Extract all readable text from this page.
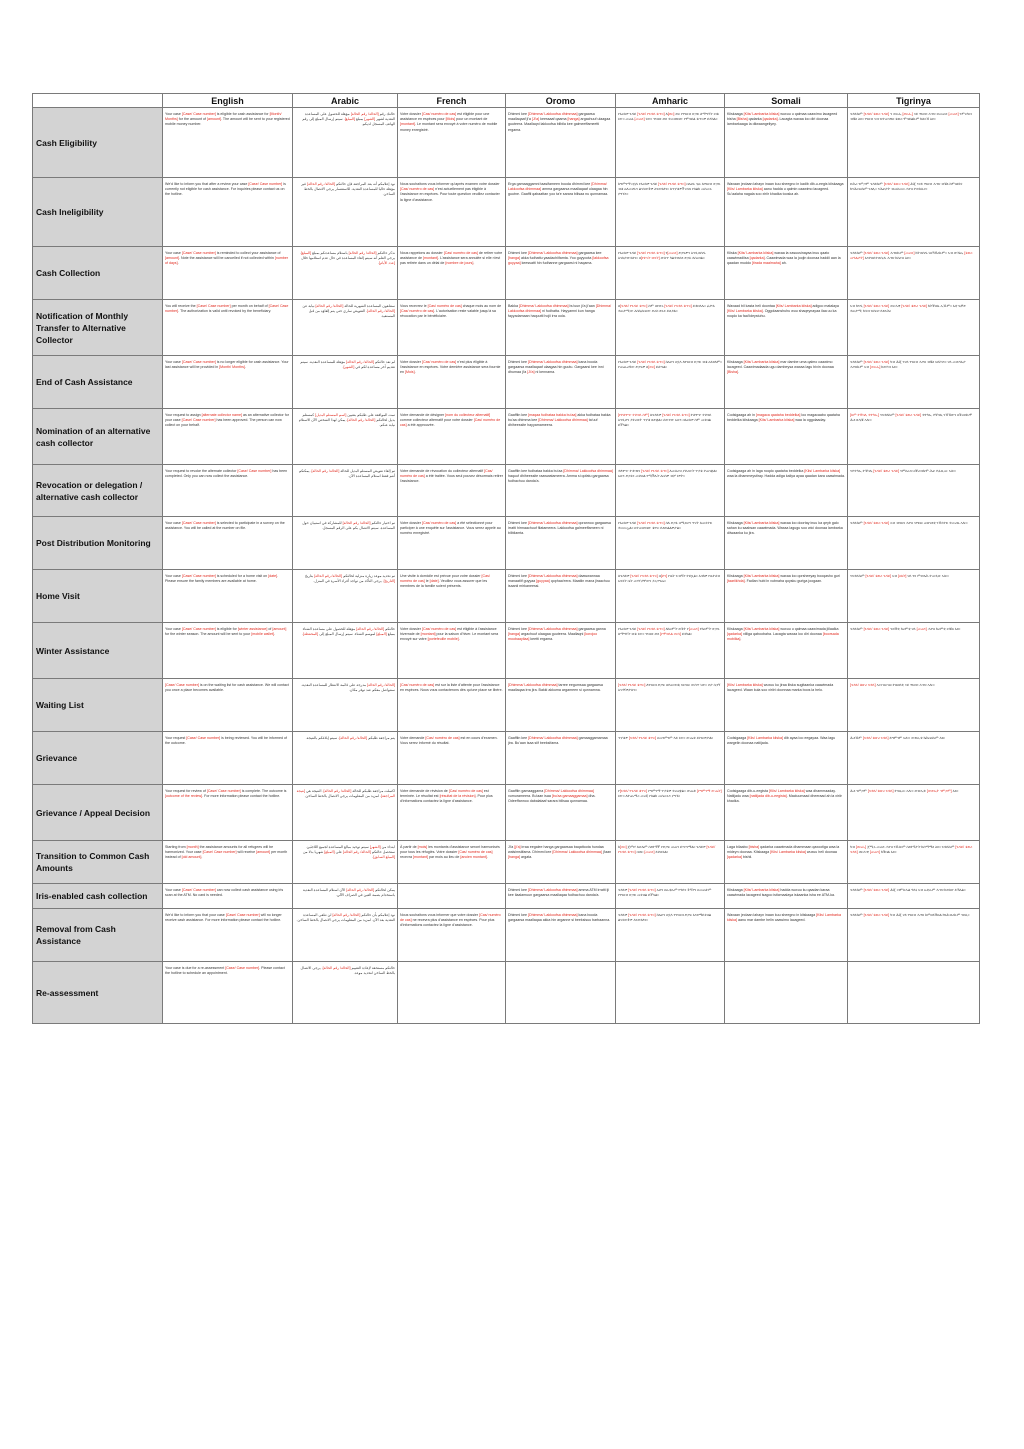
	English	Arabic	French	Oromo	Amharic	Somali	Tigrinya
Cash Eligibility	Your case [Case/ Case number] is eligible for cash assistance for [Month/ Months] for the amount of [amount]. The amount will be sent to your registered mobile money number.	حالتك رقم [الحالة/ رقم الحالة] مؤهلة للحصول على المساعدة النقدية لشهر [الشهر] بمبلغ [المبلغ]. سيتم إرسال المبلغ إلى رقم الهاتف المسجل لديكم.	Votre dossier [Cas/ numéro de cas] est éligible pour une assistance en espèces pour [Mois] pour un montant de [montant]. Le montant sera envoyé à votre numéro de mobile money enregistré.	Dhimmi kee [Dhimma/ Lakkoofsa dhimmaa] gargaarsa maallaqaaf ji'a [Ji'a] keessaaf qaama [hanga] argachuuf ulaagaa guuteera. Maallaqni lakkoofsa bilbila kee galmeeffameetti ergama.	የእርስዎ ጉዳይ [ጉዳይ/ የጉዳይ ቁጥር] ለ[ወር] ወር የገንዘብ ድጋፍ ለማግኘት ብቁ ነው። መጠኑ [መጠን] ነው። ገንዘቡ ወደ ተመዘገበው የሞባይል ቁጥርዎ ይላካል።	Kiiskaaga [Kiis/ Lambarka kiiska] wuxuu u qalmaa caawimo lacageed bisha [Bisha] qadarka [qadarka]. Lacagta waxaa loo diri doonaa lambarkaaga la diiwaangeliyey.	ጉዳይኩም [ጉዳይ/ ቁጽሪ ጉዳይ] ን ወርሒ [ወርሒ] ናይ ገንዘብ ሓገዝ ብመጠን [መጠን] ንምርካብ ብቑዕ እዩ። ገንዘብ ናብ ዝተመዝገበ ቁጽሪ ሞባይልኩም ክለኣኽ እዩ።
Cash Ineligibility	We'd like to inform you that after a review your case [Case/ Case number] is currently not eligible for cash assistance. For inquiries please contact us on the hotline.	نود إعلامكم أنه بعد المراجعة فإن حالتكم [الحالة/ رقم الحالة] غير مؤهلة حاليا للمساعدة النقدية. للاستفسار يرجى الاتصال بالخط الساخن.	Nous souhaitons vous informer qu'après examen votre dossier [Cas/ numéro de cas] n'est actuellement pas éligible à l'assistance en espèces. Pour toute question veuillez contacter la ligne d'assistance.	Erga gamaaggamni taasifameen booda dhimmi kee [Dhimma/ Lakkoofsa dhimmaa] amma gargaarsa maallaqaaf ulaagaa hin guutne. Gaaffii qabaattan yoo ta'e sarara bilisaa nu qunnamaa.	ከግምገማ በኋላ የእርስዎ ጉዳይ [ጉዳይ/ የጉዳይ ቁጥር] በአሁኑ ጊዜ ለገንዘብ ድጋፍ ብቁ አለመሆኑን ልናሳውቅዎ እንወዳለን። ለጥያቄዎች በነጻ የስልክ መስመሩ ያግኙን።	Waxaan jeclaan lahayn inaan kuu sheegno in kadib dib-u-eegis kiiskaaga [Kiis/ Lambarka kiiska] aanu hadda u qalmin caawimo lacageed. Su'aalaha nagala soo xiriir khadka tooska ah.	ድሕሪ ገምጋም ጉዳይኩም [ጉዳይ/ ቁጽሪ ጉዳይ] ሕጂ ንናይ ገንዘብ ሓገዝ ብቑዕ ከምዘይኮነ ክንሕብረኩም ንደሊ። ንሕቶታት ብመስመር ሓገዝ ተወከሱና።
Cash Collection	Your case [Case/ Case number] is reminded to collect your assistance of [amount]. Note the assistance will be cancelled if not collected within [number of days].	نذكر حالتكم [الحالة/ رقم الحالة] باستلام مساعدتكم بمبلغ [المبلغ]. يرجى العلم أنه سيتم إلغاء المساعدة في حال عدم استلامها خلال [عدد الأيام].	Nous rappelons au dossier [Cas/ numéro de cas] de retirer votre assistance de [montant]. L'assistance sera annulée si elle n'est pas retirée dans un délai de [nombre de jours].	Dhimmi kee [Dhimma/ Lakkoofsa dhimmaa] gargaarsa kee [hanga] akka fudhattu yaadachiifamta. Yoo guyyoota [lakkoofsa guyyaa] keessatti hin fudhanne gargaarsi ni haqama.	የእርስዎ ጉዳይ [ጉዳይ/ የጉዳይ ቁጥር] የ[መጠን] ድጋፍዎን እንዲወስዱ እናስታውሳለን። በ[የቀናት ብዛት] ውስጥ ካልተወሰደ ድጋፉ ይሰረዛል።	Kiiska [Kiis/ Lambarka kiiska] waxaa la xasuusinayaa inuu qaato caawimadiisa [qadarka]. Caawimada waa la joojin doonaa haddii aan la qaadan muddo [tirada maalmaha] ah.	ጉዳይኩም [ጉዳይ/ ቁጽሪ ጉዳይ] ሓገዝኩም [መጠን] ክትወስዱ ነዘኻኽረኩም። ኣብ ውሽጢ [ቁጽሪ መዓልታት] እንተዘይተወሲዱ ሓገዝ ክስረዝ እዩ።
Notification of Monthly Transfer to Alternative Collector	You will receive the [Case/ Case number] per month on behalf of [Case/ Case number]. The authorization is valid until revoked by the beneficiary.	ستتلقون المساعدة الشهرية للحالة [الحالة/ رقم الحالة] نيابة عن [الحالة/ رقم الحالة]. التفويض ساري حتى يتم إلغاؤه من قبل المستفيد.	Vous recevrez le [Cas/ numéro de cas] chaque mois au nom de [Cas/ numéro de cas]. L'autorisation reste valable jusqu'à sa révocation par le bénéficiaire.	Bakka [Dhimma/ Lakkoofsa dhimmaa] bu'uun ji'a ji'aan [Dhimma/ Lakkoofsa dhimmaa] ni fudhatta. Hayyamni kun hanga fayyadamaan haquutti hojii irra oola.	በ[ጉዳይ/ የጉዳይ ቁጥር] ስም በየወሩ [ጉዳይ/ የጉዳይ ቁጥር] ይቀበላሉ። ፈቃዱ ተጠቃሚው እስኪሰርዘው ድረስ ጸንቶ ይቆያል።	Waxaad bil kasta heli doontaa [Kiis/ Lambarka kiiska] adigoo matalaya [Kiis/ Lambarka kiiska]. Oggolaanshuhu wuu shaqeynayaa ilaa uu ka noqdo ka faa'iideystuhu.	ኣብ ክንዲ [ጉዳይ/ ቁጽሪ ጉዳይ] ወርሓዊ [ጉዳይ/ ቁጽሪ ጉዳይ] ክትቕበሉ ኢኹም። እቲ ፍቓድ ተጠቃሚ ክሳብ ዝስርዞ ይጸንሕ።
End of Cash Assistance	Your case [Case/ Case number] is no longer eligible for cash assistance. Your last assistance will be provided in [Month/ Months].	لم تعد حالتكم [الحالة/ رقم الحالة] مؤهلة للمساعدة النقدية. سيتم تقديم آخر مساعدة لكم في [الشهر].	Votre dossier [Cas/ numéro de cas] n'est plus éligible à l'assistance en espèces. Votre dernière assistance sera fournie en [Mois].	Dhimmi kee [Dhimma/ Lakkoofsa dhimmaa] kana booda gargaarsa maallaqaaf ulaagaa hin guutu. Gargaarsi kee inni dhumaa ji'a [Ji'a] ni kennama.	የእርስዎ ጉዳይ [ጉዳይ/ የጉዳይ ቁጥር] ከአሁን በኋላ ለገንዘብ ድጋፍ ብቁ አይደለም። የመጨረሻው ድጋፍዎ በ[ወር] ይሰጣል።	Kiiskaaga [Kiis/ Lambarka kiiska] mar dambe uma qalmo caawimo lacageed. Caawimadaada ugu dambeysa waxaa lagu bixin doonaa [Bisha].	ጉዳይኩም [ጉዳይ/ ቁጽሪ ጉዳይ] ካብ ሕጂ ንናይ ገንዘብ ሓገዝ ብቑዕ ኣይኮነን። ናይ መወዳእታ ሓገዝኩም ኣብ [ወርሒ] ክወሃብ እዩ።
Nomination of an alternative cash collector	Your request to assign [alternate collector name] as an alternative collector for your case [Case/ Case number] has been approved. The person can now collect on your behalf.	تمت الموافقة على طلبكم بتعيين [اسم المستلم البديل] كمستلم بديل لحالتكم [الحالة/ رقم الحالة]. يمكن لهذا الشخص الآن الاستلام نيابة عنكم.	Votre demande de désigner [nom du collecteur alternatif] comme collecteur alternatif pour votre dossier [Cas/ numéro de cas] a été approuvée.	Gaaffiin kee [maqaa fudhataa bakka bu'aa] akka fudhataa bakka bu'aa dhimma kee [Dhimma/ Lakkoofsa dhimmaa] ta'uuf dhiheessite hayyamameera.	[የተለዋጭ ተቀባይ ስም] ለጉዳይዎ [ጉዳይ/ የጉዳይ ቁጥር] ተለዋጭ ተቀባይ እንዲሆን ያቀረቡት ጥያቄ ጸድቋል። ሰውየው አሁን በእርስዎ ስም መቀበል ይችላል።	Codsigaaga ah in [magaca qaataha beddelka] loo magacaabo qaataha beddelka kiiskaaga [Kiis/ Lambarka kiiska] waa la oggolaaday.	[ስም ተቐባሊ ተተካኢ] ንጉዳይኩም [ጉዳይ/ ቁጽሪ ጉዳይ] ተተካኢ ተቐባሊ ንኽኸውን ዘቕረብኩሞ ሕቶ ጸዲቑ ኣሎ።
Revocation or delegation / alternative cash collector	Your request to revoke the alternate collector [Case/ Case number] has been completed. Only you can now collect the assistance.	تم إلغاء تفويض المستلم البديل للحالة [الحالة/ رقم الحالة]. يمكنكم أنتم فقط استلام المساعدة الآن.	Votre demande de révocation du collecteur alternatif [Cas/ numéro de cas] a été traitée. Vous seul pouvez désormais retirer l'assistance.	Gaaffiin kee fudhataa bakka bu'aa [Dhimma/ Lakkoofsa dhimmaa] haquuf dhiheessite raawwatameera. Amma si qofatu gargaarsa fudhachuu danda'a.	ተለዋጭ ተቀባዩን [ጉዳይ/ የጉዳይ ቁጥር] ለመሰረዝ ያቀረቡት ጥያቄ ተጠናቋል። አሁን ድጋፉን መቀበል የሚችሉት እርስዎ ብቻ ነዎት።	Codsigaaga ah in laga noqdo qaataha beddelka [Kiis/ Lambarka kiiska] waa la dhammeystiray. Hadda adiga kaliya ayaa qaadan kara caawimada.	ንተተካኢ ተቐባሊ [ጉዳይ/ ቁጽሪ ጉዳይ] ንምስራዝ ዘቕረብኩሞ ሕቶ ተፈጺሙ ኣሎ።
Post Distribution Monitoring	Your case [Case/ Case number] is selected to participate in a survey on the assistance. You will be called at the number on file.	تم اختيار حالتكم [الحالة/ رقم الحالة] للمشاركة في استبيان حول المساعدة. سيتم الاتصال بكم على الرقم المسجل.	Votre dossier [Cas/ numéro de cas] a été sélectionné pour participer à une enquête sur l'assistance. Vous serez appelé au numéro enregistré.	Dhimmi kee [Dhimma/ Lakkoofsa dhimmaa] qorannoo gargaarsa irratti hirmaachuuf filatameera. Lakkoofsa galmeeffameen ni bilbilamta.	የእርስዎ ጉዳይ [ጉዳይ/ የጉዳይ ቁጥር] ስለ ድጋፉ በሚደረግ ጥናት ለመሳተፍ ተመርጧል። በተመዘገበው ቁጥር ይደወልልዎታል።	Kiiskaaga [Kiis/ Lambarka kiiska] waxaa loo doortay inuu ka qeyb galo sahan ku saabsan caawimada. Waxaa lagugu soo wici doonaa lambarka diiwaanka ku jira.	ጉዳይኩም [ጉዳይ/ ቁጽሪ ጉዳይ] ኣብ ብዛዕባ ሓገዝ ዝግበር መጽናዕቲ ንኽሳተፍ ተመሪጹ ኣሎ።
Home Visit	Your case [Case/ Case number] is scheduled for a home visit on [date]. Please ensure the family members are available at home.	تم تحديد موعد زيارة منزلية لحالتكم [الحالة/ رقم الحالة] بتاريخ [التاريخ]. يرجى التأكد من تواجد أفراد الأسرة في المنزل.	Une visite à domicile est prévue pour votre dossier [Cas/ numéro de cas] le [date]. Veuillez vous assurer que les membres de la famille soient présents.	Dhimmi kee [Dhimma/ Lakkoofsa dhimmaa] daawwannaa manaatiif guyyaa [guyyaa] qophaa'eera. Maatiin mana jiraachuu isaanii mirkaneessi.	ለጉዳይዎ [ጉዳይ/ የጉዳይ ቁጥር] በ[ቀን] የቤት ጉብኝት ተይዟል። እባክዎ የቤተሰብ አባላት ቤት መገኘታቸውን ያረጋግጡ።	Kiiskaaga [Kiis/ Lambarka kiiska] waxaa loo qorsheeyay booqasho guri [taariikhda]. Fadlan hubi in xubnaha qoysku guriga joogaan.	ንጉዳይኩም [ጉዳይ/ ቁጽሪ ጉዳይ] ኣብ [ዕለት] ናይ ገዛ ምብጻሕ ተመዲቡ ኣሎ።
Winter Assistance	Your case [Case/ Case number] is eligible for [winter assistance] of [amount] for the winter season. The amount will be sent to your [mobile wallet].	حالتكم [الحالة/ رقم الحالة] مؤهلة للحصول على مساعدة الشتاء بمبلغ [المبلغ] لموسم الشتاء. سيتم إرسال المبلغ إلى [المحفظة].	Votre dossier [Cas/ numéro de cas] est éligible à l'assistance hivernale de [montant] pour la saison d'hiver. Le montant sera envoyé sur votre [portefeuille mobile].	Dhimmi kee [Dhimma/ Lakkoofsa dhimmaa] gargaarsa ganna [hanga] argachuuf ulaagaa guuteera. Maallaqni [korojoo moobaayilaa] keetti ergama.	የእርስዎ ጉዳይ [ጉዳይ/ የጉዳይ ቁጥር] ለክረምት ወቅት የ[መጠን] የክረምት ድጋፍ ለማግኘት ብቁ ነው። ገንዘቡ ወደ [የሞባይል ቦርሳ] ይላካል።	Kiiskaaga [Kiis/ Lambarka kiiska] wuxuu u qalmaa caawimada jiilaalka [qadarka] xilliga qaboobaha. Lacagta waxaa loo diri doonaa [boorsada mobilka].	ጉዳይኩም [ጉዳይ/ ቁጽሪ ጉዳይ] ንወቕቲ ክረምቲ ናይ [መጠን] ሓገዝ ክረምቲ ብቑዕ እዩ።
Waiting List	[Case/ Case number] is on the waiting list for cash assistance. We will contact you once a place becomes available.	[الحالة/ رقم الحالة] مدرجة على قائمة الانتظار للمساعدة النقدية. سنتواصل معكم عند توفر مكان.	[Cas/ numéro de cas] est sur la liste d'attente pour l'assistance en espèces. Nous vous contacterons dès qu'une place se libère.	[Dhimma/ Lakkoofsa dhimmaa] tarree eegumsaa gargaarsa maallaqaa irra jira. Bakki akkuma argameen si qunnamna.	[ጉዳይ/ የጉዳይ ቁጥር] ለገንዘብ ድጋፍ በተጠባባቂ ዝርዝር ውስጥ ነው። ቦታ ሲገኝ እናገኝዎታለን።	[Kiis/ Lambarka kiiska] wuxuu ku jiraa liiska sugitaanka caawimada lacageed. Waan kula soo xiriiri doonnaa marka boos la helo.	[ጉዳይ/ ቁጽሪ ጉዳይ] ኣብ ዝርዝር ተጸበይቲ ናይ ገንዘብ ሓገዝ ኣሎ።
Grievance	Your request [Case/ Case number] is being reviewed. You will be informed of the outcome.	يتم مراجعة طلبكم [الحالة/ رقم الحالة]. سيتم إبلاغكم بالنتيجة.	Votre demande [Cas/ numéro de cas] est en cours d'examen. Vous serez informé du résultat.	Gaaffiin kee [Dhimma/ Lakkoofsa dhimmaa] gamaaggamamaa jira. Bu'aan isaa siif beeksifama.	ጥያቄዎ [ጉዳይ/ የጉዳይ ቁጥር] በመገምገም ላይ ነው። ውጤቱ ይነገርዎታል።	Codsigaaga [Kiis/ Lambarka kiiska] dib ayaa loo eegayaa. Waa lagu wargelin doonaa natiijada.	ሕቶኹም [ጉዳይ/ ቁጽሪ ጉዳይ] ይግምገም ኣሎ። ውጽኢቱ ክሕበረኩም እዩ።
Grievance / Appeal Decision	Your request for review of [Case/ Case number] is complete. The outcome is [outcome of the review]. For more information please contact the hotline.	اكتملت مراجعة طلبكم للحالة [الحالة/ رقم الحالة]. النتيجة هي [نتيجة المراجعة]. لمزيد من المعلومات يرجى الاتصال بالخط الساخن.	Votre demande de révision de [Cas/ numéro de cas] est terminée. Le résultat est [résultat de la révision]. Pour plus d'informations contactez la ligne d'assistance.	Gaaffiin gamaaggama [Dhimma/ Lakkoofsa dhimmaa] xumurameera. Bu'aan isaa [bu'aa gamaaggamaa] dha. Odeeffannoo dabalataaf sarara bilisaa qunnamaa.	የ[ጉዳይ/ የጉዳይ ቁጥር] የግምገማ ጥያቄዎ ተጠናቋል። ውጤቱ [የግምገማ ውጤት] ነው። ለተጨማሪ መረጃ የስልክ መስመሩን ያግኙ።	Codsigaaga dib-u-eegista [Kiis/ Lambarka kiiska] waa dhammaaday. Natiijadu waa [natiijada dib-u-eegista]. Macluumaad dheeraad ah la xiriir khadka.	ሕቶ ገምጋም [ጉዳይ/ ቁጽሪ ጉዳይ] ተዛዚሙ ኣሎ። ውጽኢቱ [ውጽኢት ገምጋም] እዩ።
Transition to Common Cash Amounts	Starting from [month] the assistance amounts for all refugees will be harmonized. Your case [Case/ Case number] will receive [amount] per month instead of [old amount].	ابتداء من [الشهر] سيتم توحيد مبالغ المساعدة لجميع اللاجئين. ستحصل حالتكم [الحالة/ رقم الحالة] على [المبلغ] شهريا بدلا من [المبلغ السابق].	À partir de [mois] les montants d'assistance seront harmonisés pour tous les réfugiés. Votre dossier [Cas/ numéro de cas] recevra [montant] par mois au lieu de [ancien montant].	Ji'a [ji'a] irraa eegalee hanga gargaarsaa baqattoota hundaa walsimsiifama. Dhimmi kee [Dhimma/ Lakkoofsa dhimmaa] ji'aan [hanga] argata.	ከ[ወር] ጀምሮ ለሁሉም ስደተኞች የድጋፍ መጠን ይጣጣማል። ጉዳይዎ [ጉዳይ/ የጉዳይ ቁጥር] በወር [መጠን] ይቀበላል።	Laga bilaabo [bisha] qadarka caawimada dhammaan qaxootiga waa la mideyn doonaa. Kiiskaaga [Kiis/ Lambarka kiiska] wuxuu heli doonaa [qadarka] bishii.	ካብ [ወርሒ] ጀሚሩ መጠን ሓገዝ ንኹሎም ስደተኛታት ክሰማማዕ እዩ። ጉዳይኩም [ጉዳይ/ ቁጽሪ ጉዳይ] ወርሓዊ [መጠን] ክቕበል እዩ።
Iris-enabled cash collection	Your case [Case/ Case number] can now collect cash assistance using iris scan at the ATM. No card is needed.	يمكن لحالتكم [الحالة/ رقم الحالة] الآن استلام المساعدة النقدية باستخدام بصمة العين في الصراف الآلي.		Dhimmi kee [Dhimma/ Lakkoofsa dhimmaa] amma ATM irratti iji kee ilaalamuun gargaarsa maallaqaa fudhachuu danda'a.	ጉዳይዎ [ጉዳይ/ የጉዳይ ቁጥር] አሁን በኤቲኤም የዓይን ቅኝትን በመጠቀም የገንዘብ ድጋፍ መቀበል ይችላል።	Kiiskaaga [Kiis/ Lambarka kiiska] hadda wuxuu ku qaadan karaa caawimada lacageed isagoo isticmaalaya iskaanka isha ee ATM-ka.	ጉዳይኩም [ጉዳይ/ ቁጽሪ ጉዳይ] ሕጂ ብምስሓል ዓይኒ ኣብ ኤቲኤም ሓገዝ ክወስድ ይኽእል።
Removal from Cash Assistance	We'd like to inform you that your case [Case/ Case number] will no longer receive cash assistance. For more information please contact the hotline.	نود إعلامكم بأن حالتكم [الحالة/ رقم الحالة] لن تتلقى المساعدة النقدية بعد الآن. لمزيد من المعلومات يرجى الاتصال بالخط الساخن.	Nous souhaitons vous informer que votre dossier [Cas/ numéro de cas] ne recevra plus d'assistance en espèces. Pour plus d'informations contactez la ligne d'assistance.	Dhimmi kee [Dhimma/ Lakkoofsa dhimmaa] kana booda gargaarsa maallaqaa akka hin arganne si beeksisuu barbaanna.	ጉዳይዎ [ጉዳይ/ የጉዳይ ቁጥር] ከአሁን በኋላ የገንዘብ ድጋፍ እንደማይቀበል ልናሳውቅዎ እንወዳለን።	Waxaan jeclaan lahayn inaan kuu sheegno in kiiskaaga [Kiis/ Lambarka kiiska] aanu mar dambe helin caawimo lacageed.	ጉዳይኩም [ጉዳይ/ ቁጽሪ ጉዳይ] ካብ ሕጂ ናይ ገንዘብ ሓገዝ ከምዘይቕበል ክንሕብረኩም ንደሊ።
Re-assessment	Your case is due for a re-assessment [Case/ Case number]. Please contact the hotline to schedule an appointment.	حالتكم مستحقة لإعادة التقييم [الحالة/ رقم الحالة]. يرجى الاتصال بالخط الساخن لتحديد موعد.					
